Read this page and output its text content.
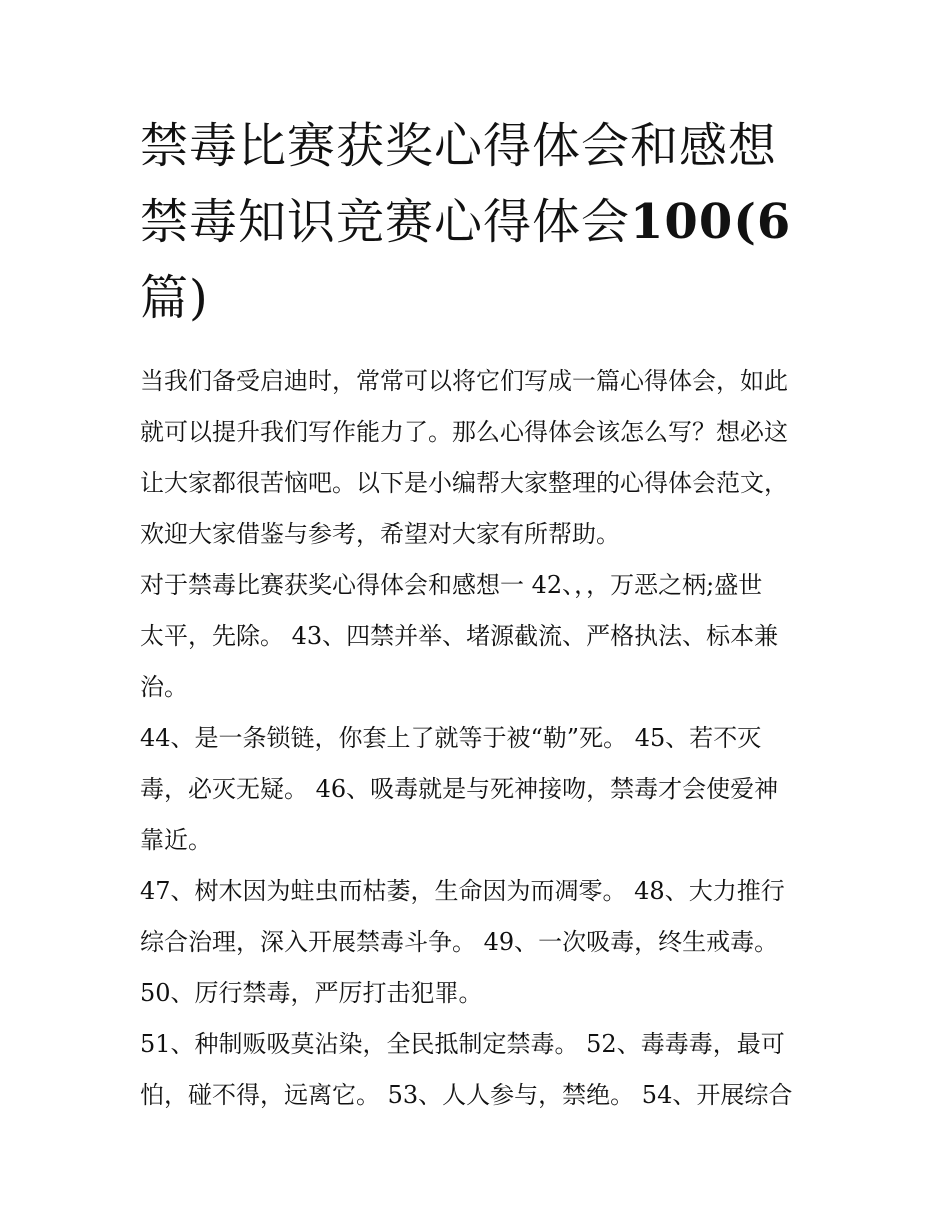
禁毒比赛获奖心得体会和感想
禁毒知识竞赛心得体会100(6
篇)

当我们备受启迪时，常常可以将它们写成一篇心得体会，如此
就可以提升我们写作能力了。那么心得体会该怎么写？想必这
让大家都很苦恼吧。以下是小编帮大家整理的心得体会范文，
欢迎大家借鉴与参考，希望对大家有所帮助。

对于禁毒比赛获奖心得体会和感想一 42、，，万恶之柄;盛世
太平，先除。 43、四禁并举、堵源截流、严格执法、标本兼
治。

44、是一条锁链，你套上了就等于被“勒”死。 45、若不灭
毒，必灭无疑。 46、吸毒就是与死神接吻，禁毒才会使爱神
靠近。

47、树木因为蛀虫而枯萎，生命因为而凋零。 48、大力推行
综合治理，深入开展禁毒斗争。 49、一次吸毒，终生戒毒。
50、厉行禁毒，严厉打击犯罪。

51、种制贩吸莫沾染，全民抵制定禁毒。 52、毒毒毒，最可
怕，碰不得，远离它。 53、人人参与，禁绝。 54、开展综合
